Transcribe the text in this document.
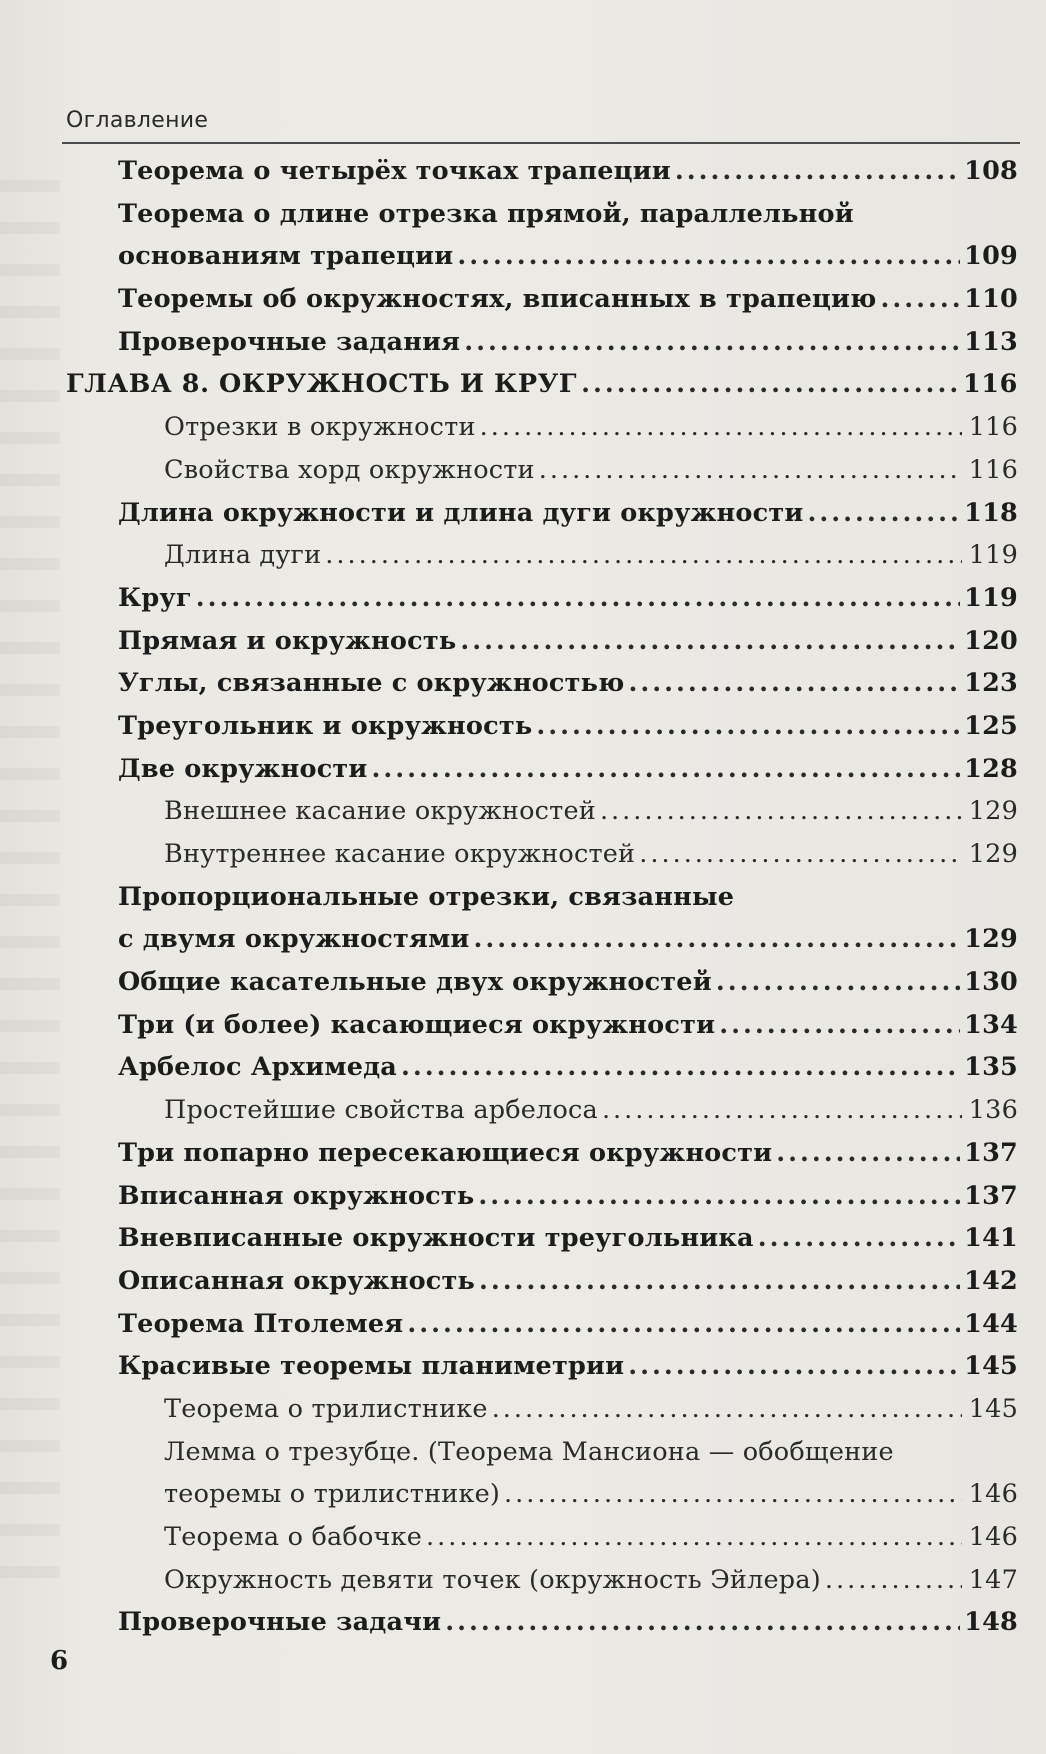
Оглавление
Теорема о четырёх точках трапеции .....	108
Теорема о длине отрезка прямой, параллельной
основаниям трапеции .....	109
Теоремы об окружностях, вписанных в трапецию .....	110
Проверочные задания .....	113
ГЛАВА 8. ОКРУЖНОСТЬ И КРУГ .....	116
Отрезки в окружности .....	116
Свойства хорд окружности .....	116
Длина окружности и длина дуги окружности .....	118
Длина дуги .....	119
Круг .....	119
Прямая и окружность .....	120
Углы, связанные с окружностью .....	123
Треугольник и окружность .....	125
Две окружности .....	128
Внешнее касание окружностей .....	129
Внутреннее касание окружностей .....	129
Пропорциональные отрезки, связанные
с двумя окружностями .....	129
Общие касательные двух окружностей .....	130
Три (и более) касающиеся окружности .....	134
Арбелос Архимеда .....	135
Простейшие свойства арбелоса .....	136
Три попарно пересекающиеся окружности .....	137
Вписанная окружность .....	137
Вневписанные окружности треугольника .....	141
Описанная окружность .....	142
Теорема Птолемея .....	144
Красивые теоремы планиметрии .....	145
Теорема о трилистнике .....	145
Лемма о трезубце. (Теорема Мансиона — обобщение
теоремы о трилистнике) .....	146
Теорема о бабочке .....	146
Окружность девяти точек (окружность Эйлера) .....	147
Проверочные задачи .....	148
6
